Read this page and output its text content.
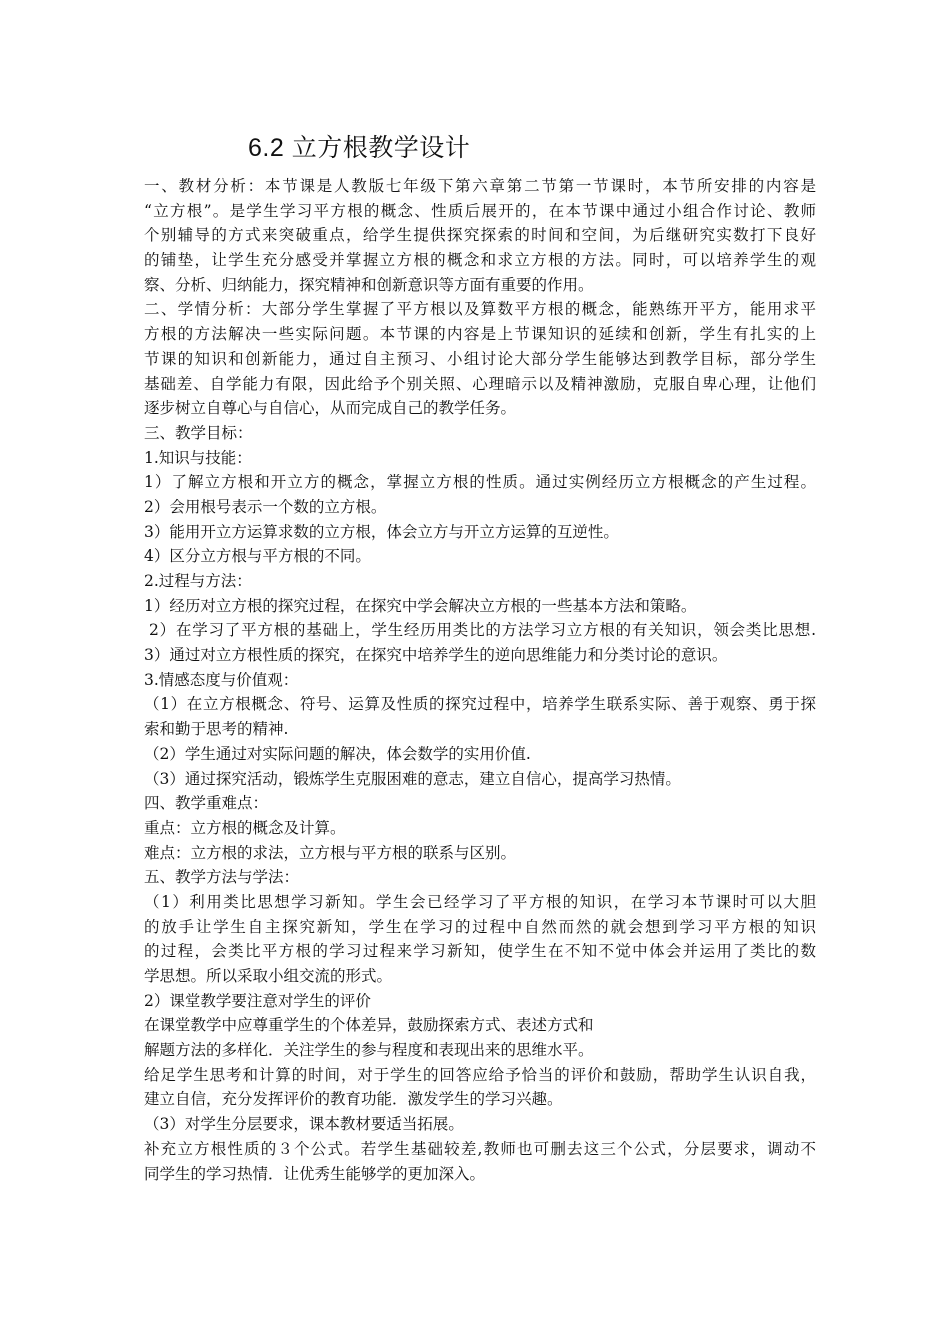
6.2 立方根教学设计
一、教材分析：本节课是人教版七年级下第六章第二节第一节课时，本节所安排的内容是
“立方根”。是学生学习平方根的概念、性质后展开的，在本节课中通过小组合作讨论、教师
个别辅导的方式来突破重点，给学生提供探究探索的时间和空间，为后继研究实数打下良好
的铺垫，让学生充分感受并掌握立方根的概念和求立方根的方法。同时，可以培养学生的观
察、分析、归纳能力，探究精神和创新意识等方面有重要的作用。
二、学情分析：大部分学生掌握了平方根以及算数平方根的概念，能熟练开平方，能用求平
方根的方法解决一些实际问题。本节课的内容是上节课知识的延续和创新，学生有扎实的上
节课的知识和创新能力，通过自主预习、小组讨论大部分学生能够达到教学目标，部分学生
基础差、自学能力有限，因此给予个别关照、心理暗示以及精神激励，克服自卑心理，让他们
逐步树立自尊心与自信心，从而完成自己的教学任务。
三、教学目标：
1.知识与技能：
1）了解立方根和开立方的概念，掌握立方根的性质。通过实例经历立方根概念的产生过程。
2）会用根号表示一个数的立方根。
3）能用开立方运算求数的立方根，体会立方与开立方运算的互逆性。
4）区分立方根与平方根的不同。
2.过程与方法：
1）经历对立方根的探究过程，在探究中学会解决立方根的一些基本方法和策略。
2）在学习了平方根的基础上，学生经历用类比的方法学习立方根的有关知识，领会类比思想.
3）通过对立方根性质的探究，在探究中培养学生的逆向思维能力和分类讨论的意识。
3.情感态度与价值观：
（1）在立方根概念、符号、运算及性质的探究过程中，培养学生联系实际、善于观察、勇于探
索和勤于思考的精神.
（2）学生通过对实际问题的解决，体会数学的实用价值.
（3）通过探究活动，锻炼学生克服困难的意志，建立自信心，提高学习热情。
四、教学重难点：
重点：立方根的概念及计算。
难点：立方根的求法，立方根与平方根的联系与区别。
五、教学方法与学法：
（1）利用类比思想学习新知。学生会已经学习了平方根的知识，在学习本节课时可以大胆
的放手让学生自主探究新知，学生在学习的过程中自然而然的就会想到学习平方根的知识
的过程，会类比平方根的学习过程来学习新知，使学生在不知不觉中体会并运用了类比的数
学思想。所以采取小组交流的形式。
2）课堂教学要注意对学生的评价
在课堂教学中应尊重学生的个体差异，鼓励探索方式、表述方式和
解题方法的多样化．关注学生的参与程度和表现出来的思维水平。
给足学生思考和计算的时间，对于学生的回答应给予恰当的评价和鼓励，帮助学生认识自我，
建立自信，充分发挥评价的教育功能．激发学生的学习兴趣。
（3）对学生分层要求，课本教材要适当拓展。
补充立方根性质的３个公式。若学生基础较差,教师也可删去这三个公式，分层要求，调动不
同学生的学习热情．让优秀生能够学的更加深入。
